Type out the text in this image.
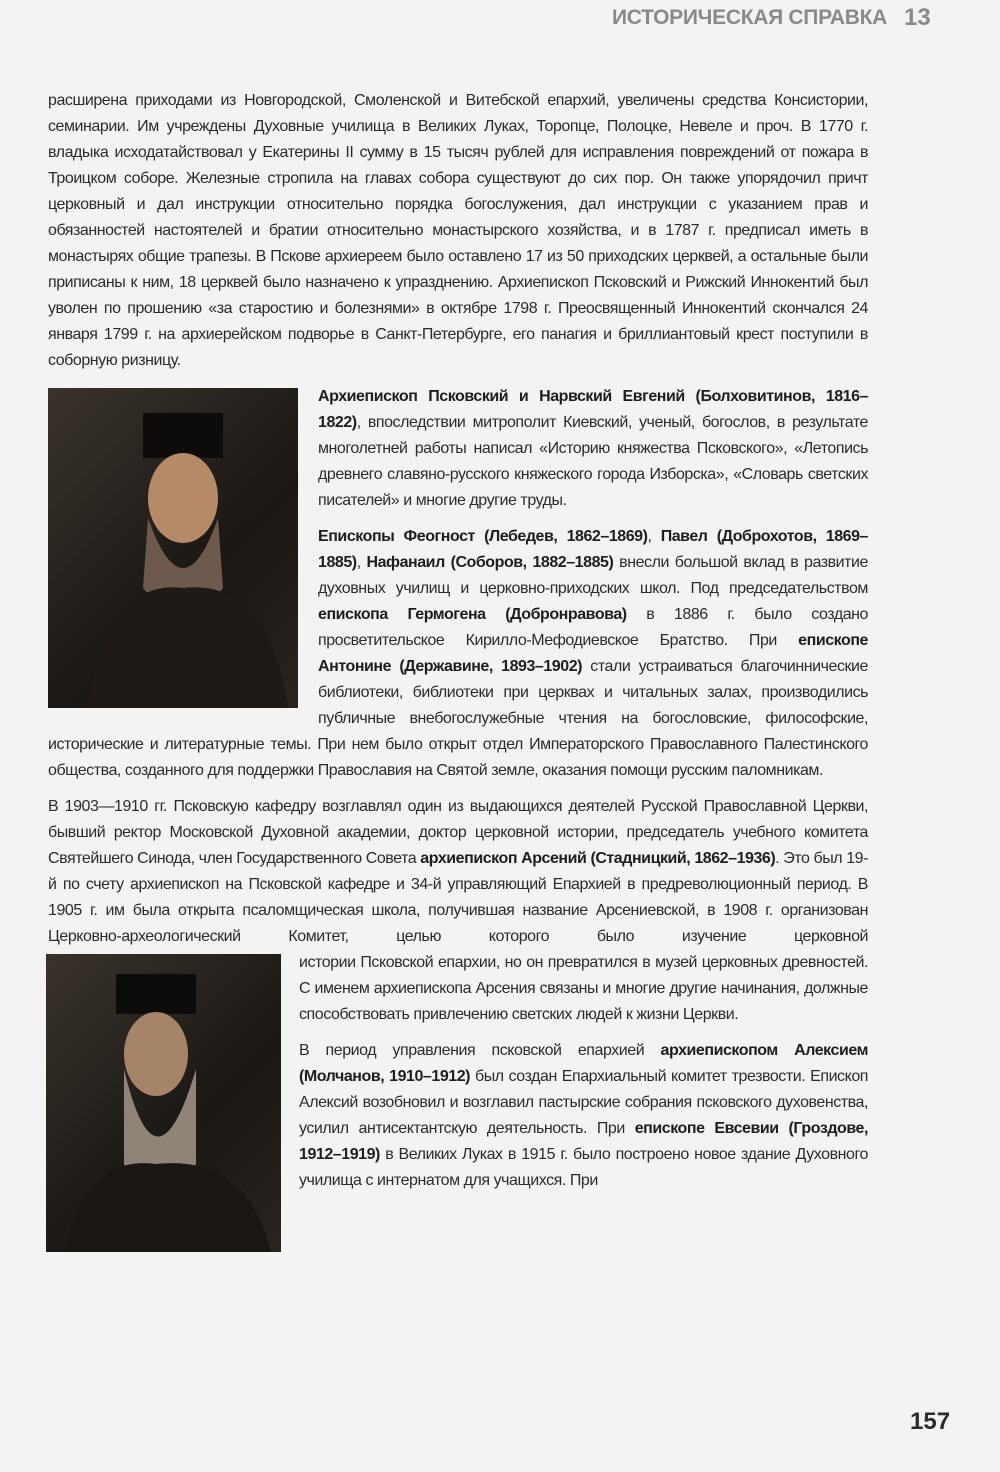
ИСТОРИЧЕСКАЯ СПРАВКА 13

расширена приходами из Новгородской, Смоленской и Витебской епархий, увеличены средства Консистории, семинарии. Им учреждены Духовные училища в Великих Луках, Торопце, Полоцке, Невеле и проч. В 1770 г. владыка исходатайствовал у Екатерины II сумму в 15 тысяч рублей для исправления повреждений от пожара в Троицком соборе. Железные стропила на главах собора существуют до сих пор. Он также упорядочил причт церковный и дал инструкции относительно порядка богослужения, дал инструкции с указанием прав и обязанностей настоятелей и братии относительно монастырского хозяйства, и в 1787 г. предписал иметь в монастырях общие трапезы. В Пскове архиереем было оставлено 17 из 50 приходских церквей, а остальные были приписаны к ним, 18 церквей было назначено к упразднению. Архиепископ Псковский и Рижский Иннокентий был уволен по прошению «за старостию и болезнями» в октябре 1798 г. Преосвященный Иннокентий скончался 24 января 1799 г. на архиерейском подворье в Санкт-Петербурге, его панагия и бриллиантовый крест поступили в соборную ризницу.

Архиепископ Псковский и Нарвский Евгений (Болховитинов, 1816–1822), впоследствии митрополит Киевский, ученый, богослов, в результате многолетней работы написал «Историю княжества Псковского», «Летопись древнего славяно-русского княжеского города Изборска», «Словарь светских писателей» и многие другие труды.

Епископы Феогност (Лебедев, 1862–1869), Павел (Доброхотов, 1869–1885), Нафанаил (Соборов, 1882–1885) внесли большой вклад в развитие духовных училищ и церковно-приходских школ. Под председательством епископа Гермогена (Добронравова) в 1886 г. было создано просветительское Кирилло-Мефодиевское Братство. При епископе Антонине (Державине, 1893–1902) стали устраиваться благочиннические библиотеки, библиотеки при церквах и читальных залах, производились публичные внебогослужебные чтения на богословские, философские, исторические и литературные темы. При нем было открыт отдел Императорского Православного Палестинского общества, созданного для поддержки Православия на Святой земле, оказания помощи русским паломникам.

В 1903—1910 гг. Псковскую кафедру возглавлял один из выдающихся деятелей Русской Православной Церкви, бывший ректор Московской Духовной академии, доктор церковной истории, председатель учебного комитета Святейшего Синода, член Государственного Совета архиепископ Арсений (Стадницкий, 1862–1936). Это был 19-й по счету архиепископ на Псковской кафедре и 34-й управляющий Епархией в предреволюционный период. В 1905 г. им была открыта псаломщическая школа, получившая название Арсениевской, в 1908 г. организован Церковно-археологический Комитет, целью которого было изучение церковной

истории Псковской епархии, но он превратился в музей церковных древностей. С именем архиепископа Арсения связаны и многие другие начинания, должные способствовать привлечению светских людей к жизни Церкви.

В период управления псковской епархией архиепископом Алексием (Молчанов, 1910–1912) был создан Епархиальный комитет трезвости. Епископ Алексий возобновил и возглавил пастырские собрания псковского духовенства, усилил антисектантскую деятельность. При епископе Евсевии (Гроздове, 1912–1919) в Великих Луках в 1915 г. было построено новое здание Духовного училища с интернатом для учащихся. При

157
